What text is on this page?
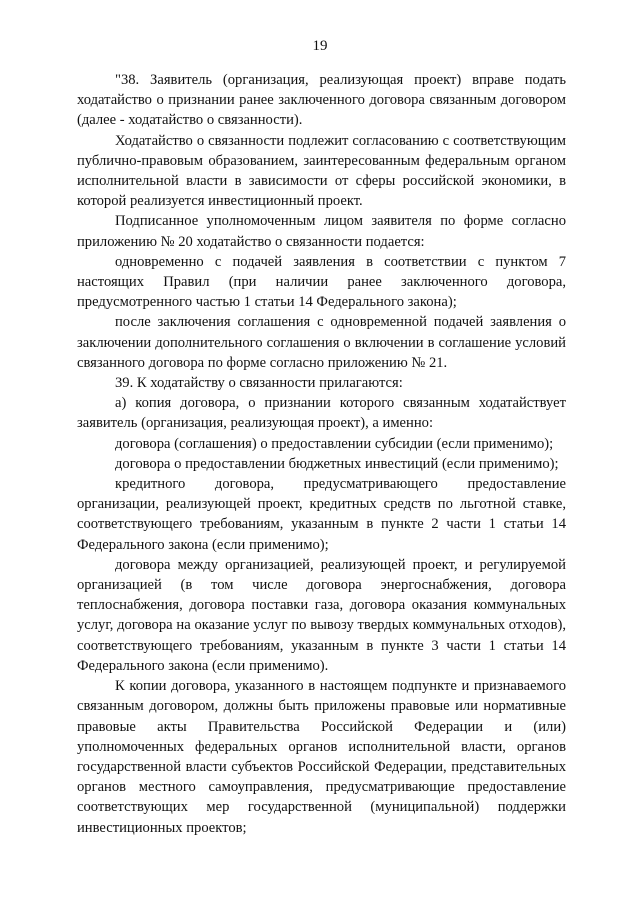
19

"38. Заявитель (организация, реализующая проект) вправе подать ходатайство о признании ранее заключенного договора связанным договором (далее - ходатайство о связанности).

Ходатайство о связанности подлежит согласованию с соответствующим публично-правовым образованием, заинтересованным федеральным органом исполнительной власти в зависимости от сферы российской экономики, в которой реализуется инвестиционный проект.

Подписанное уполномоченным лицом заявителя по форме согласно приложению № 20 ходатайство о связанности подается:

одновременно с подачей заявления в соответствии с пунктом 7 настоящих Правил (при наличии ранее заключенного договора, предусмотренного частью 1 статьи 14 Федерального закона);

после заключения соглашения с одновременной подачей заявления о заключении дополнительного соглашения о включении в соглашение условий связанного договора по форме согласно приложению № 21.

39. К ходатайству о связанности прилагаются:

а) копия договора, о признании которого связанным ходатайствует заявитель (организация, реализующая проект), а именно:

договора (соглашения) о предоставлении субсидии (если применимо);

договора о предоставлении бюджетных инвестиций (если применимо);

кредитного договора, предусматривающего предоставление организации, реализующей проект, кредитных средств по льготной ставке, соответствующего требованиям, указанным в пункте 2 части 1 статьи 14 Федерального закона (если применимо);

договора между организацией, реализующей проект, и регулируемой организацией (в том числе договора энергоснабжения, договора теплоснабжения, договора поставки газа, договора оказания коммунальных услуг, договора на оказание услуг по вывозу твердых коммунальных отходов), соответствующего требованиям, указанным в пункте 3 части 1 статьи 14 Федерального закона (если применимо).

К копии договора, указанного в настоящем подпункте и признаваемого связанным договором, должны быть приложены правовые или нормативные правовые акты Правительства Российской Федерации и (или) уполномоченных федеральных органов исполнительной власти, органов государственной власти субъектов Российской Федерации, представительных органов местного самоуправления, предусматривающие предоставление соответствующих мер государственной (муниципальной) поддержки инвестиционных проектов;
